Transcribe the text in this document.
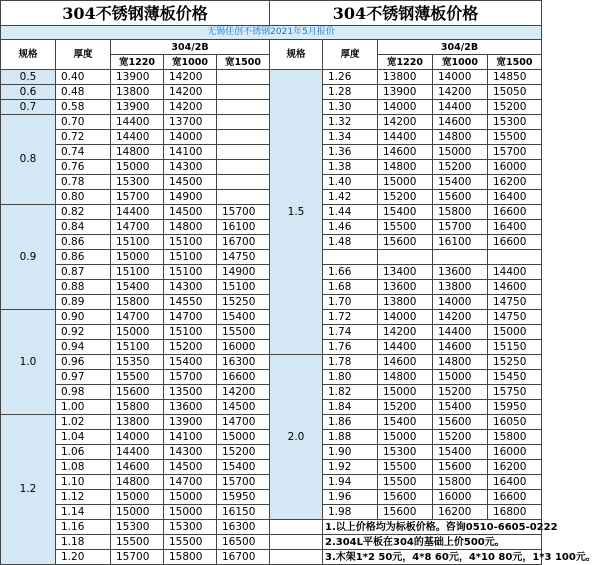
304不锈钢薄板价格					304不锈钢薄板价格				
无锡佳创不锈钢2021年5月报价									
规格	厚度	304/2B			规格	厚度	304/2B		
		宽1220	宽1000	宽1500			宽1220	宽1000	宽1500
0.5	0.40	13900	14200		1.5	1.26	13800	14000	14850
0.6	0.48	13800	14200			1.28	13900	14200	15050
0.7	0.58	13900	14200			1.30	14000	14400	15200
0.8	0.70	14400	13700			1.32	14200	14600	15300
	0.72	14400	14000			1.34	14400	14800	15500
	0.74	14800	14100			1.36	14600	15000	15700
	0.76	15000	14300			1.38	14800	15200	16000
	0.78	15300	14500			1.40	15000	15400	16200
	0.80	15700	14900			1.42	15200	15600	16400
0.9	0.82	14400	14500	15700		1.44	15400	15800	16600
	0.84	14700	14800	16100		1.46	15500	15700	16400
	0.86	15100	15100	16700		1.48	15600	16100	16600
	0.86	15000	15100	14750					
	0.87	15100	15100	14900		1.66	13400	13600	14400
	0.88	15400	14300	15100		1.68	13600	13800	14600
	0.89	15800	14550	15250		1.70	13800	14000	14750
1.0	0.90	14700	14700	15400		1.72	14000	14200	14750
	0.92	15000	15100	15500		1.74	14200	14400	15000
	0.94	15100	15200	16000		1.76	14400	14600	15150
	0.96	15350	15400	16300	2.0	1.78	14600	14800	15250
	0.97	15500	15700	16600		1.80	14800	15000	15450
	0.98	15600	13500	14200		1.82	15000	15200	15750
	1.00	15800	13600	14500		1.84	15200	15400	15950
1.2	1.02	13800	13900	14700		1.86	15400	15600	16050
	1.04	14000	14100	15000		1.88	15000	15200	15800
	1.06	14400	14300	15200		1.90	15300	15400	16000
	1.08	14600	14500	15400		1.92	15500	15600	16200
	1.10	14800	14700	15700		1.94	15500	15800	16400
	1.12	15000	15000	15950		1.96	15600	16000	16600
	1.14	15000	15000	16150		1.98	15600	16200	16800
	1.16	15300	15300	16300		1.以上价格均为标板价格。咨询0510-6605-0222			
	1.18	15500	15500	16500		2.304L平板在304的基础上价500元。			
	1.20	15700	15800	16700		3.木架1*2 50元，4*8 60元，4*10 80元，1*3 100元。			
